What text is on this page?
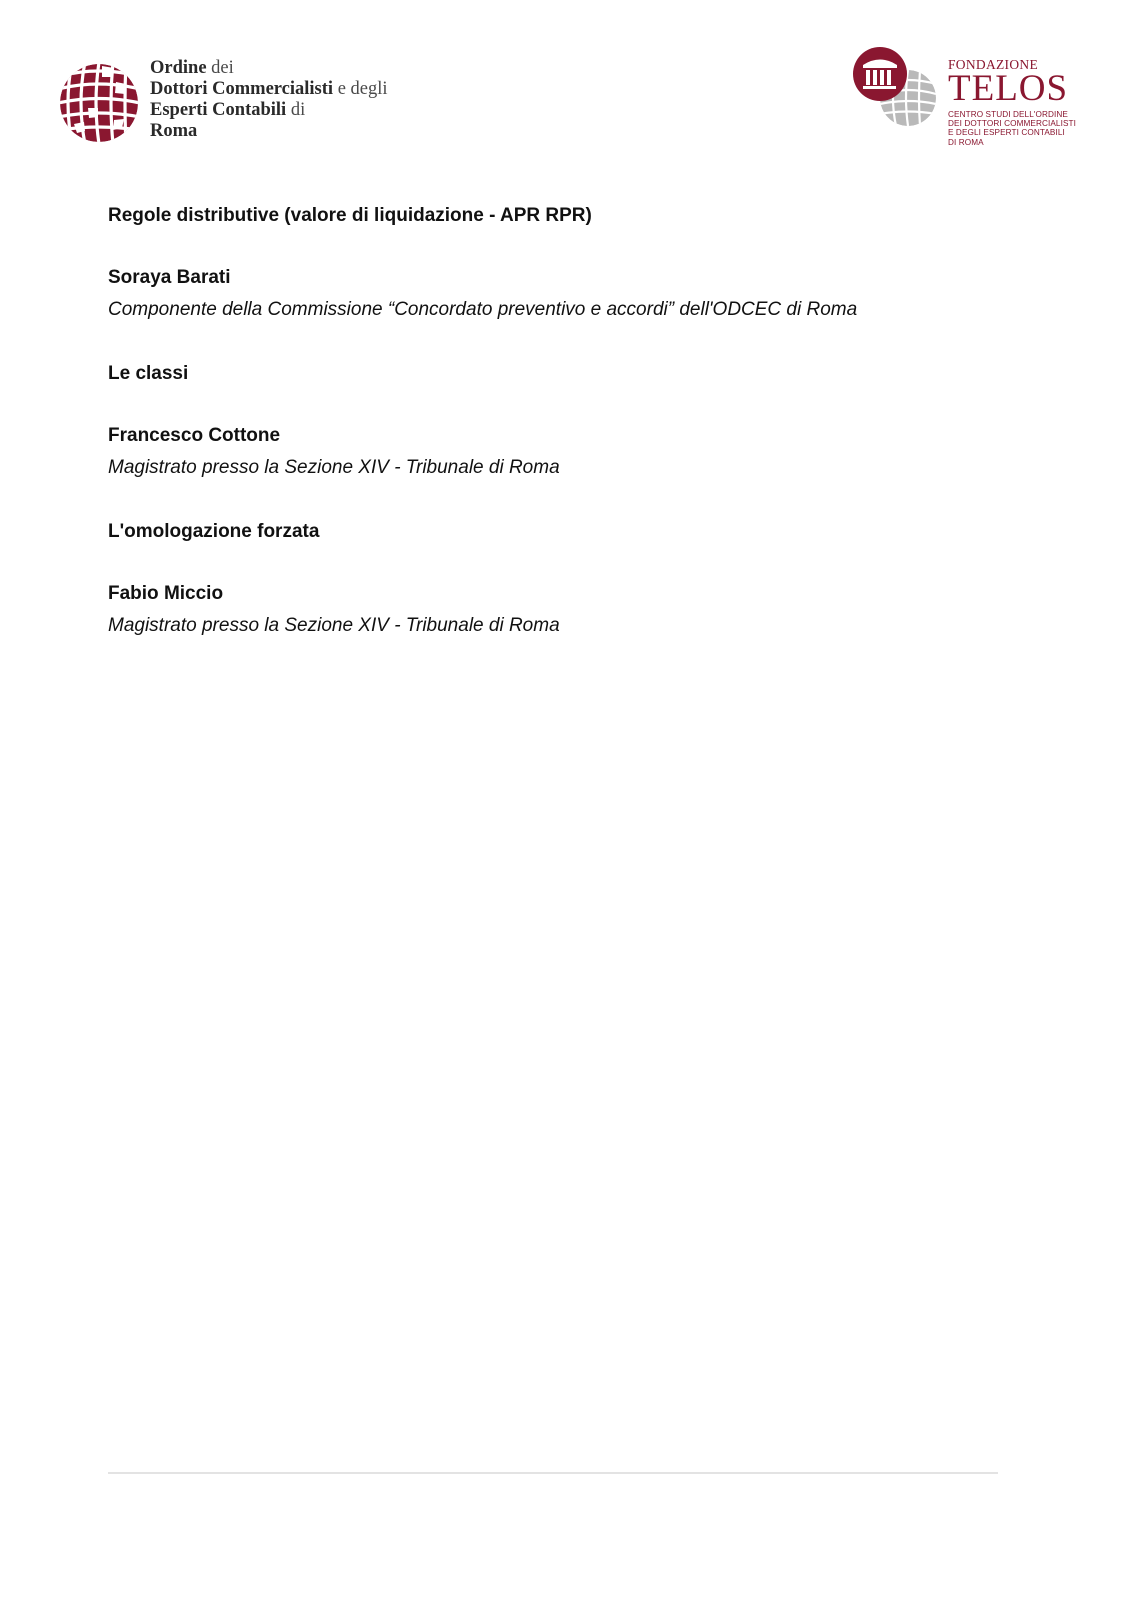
Ordine dei
Dottori Commercialisti e degli
Esperti Contabili di
Roma
FONDAZIONE
TELOS
CENTRO STUDI DELL'ORDINE
DEI DOTTORI COMMERCIALISTI
E DEGLI ESPERTI CONTABILI
DI ROMA
Regole distributive (valore di liquidazione - APR RPR)
Soraya Barati
Componente della Commissione “Concordato preventivo e accordi” dell'ODCEC di Roma
Le classi
Francesco Cottone
Magistrato presso la Sezione XIV - Tribunale di Roma
L'omologazione forzata
Fabio Miccio
Magistrato presso la Sezione XIV - Tribunale di Roma
